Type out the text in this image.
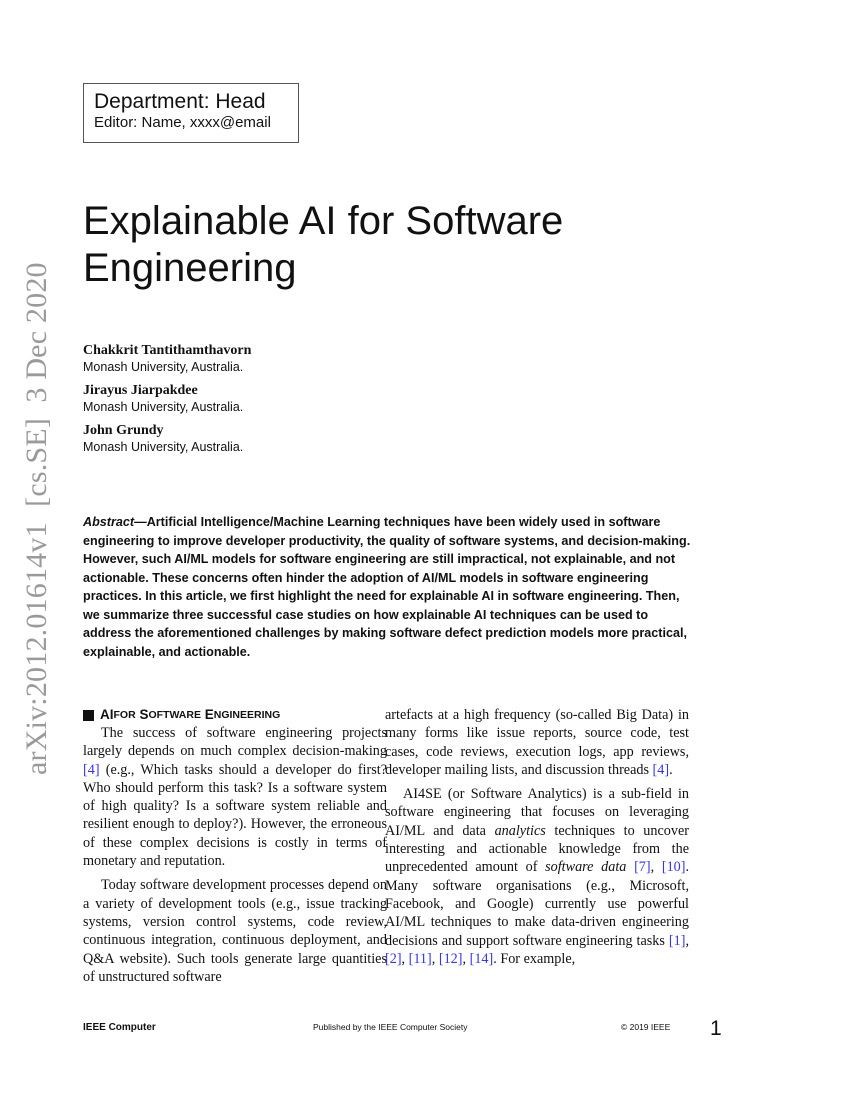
Department: Head
Editor: Name, xxxx@email
arXiv:2012.01614v1  [cs.SE]  3 Dec 2020
Explainable AI for Software
Engineering
Chakkrit Tantithamthavorn
Monash University, Australia.
Jirayus Jiarpakdee
Monash University, Australia.
John Grundy
Monash University, Australia.
Abstract—Artificial Intelligence/Machine Learning techniques have been widely used in software engineering to improve developer productivity, the quality of software systems, and decision-making. However, such AI/ML models for software engineering are still impractical, not explainable, and not actionable. These concerns often hinder the adoption of AI/ML models in software engineering practices. In this article, we first highlight the need for explainable AI in software engineering. Then, we summarize three successful case studies on how explainable AI techniques can be used to address the aforementioned challenges by making software defect prediction models more practical, explainable, and actionable.
AI FOR
S OFTWARE
E NGINEERING

The success of software engineering projects largely depends on much complex decision-making [4] (e.g., Which tasks should a developer do first? Who should perform this task? Is a software system of high quality? Is a software system reliable and resilient enough to deploy?). However, the erroneous of these complex decisions is costly in terms of monetary and reputation.

Today software development processes depend on a variety of development tools (e.g., issue tracking systems, version control systems, code review, continuous integration, continuous deployment, and Q&A website). Such tools generate large quantities of unstructured software

artefacts at a high frequency (so-called Big Data) in many forms like issue reports, source code, test cases, code reviews, execution logs, app reviews, developer mailing lists, and discussion threads [4].

AI4SE (or Software Analytics) is a sub-field in software engineering that focuses on leveraging AI/ML and data analytics techniques to uncover interesting and actionable knowledge from the unprecedented amount of software data [7], [10]. Many software organisations (e.g., Microsoft, Facebook, and Google) currently use powerful AI/ML techniques to make data-driven engineering decisions and support software engineering tasks [1], [2], [11], [12], [14]. For example,

IEEE Computer	Published by the IEEE Computer Society	© 2019 IEEE 1
